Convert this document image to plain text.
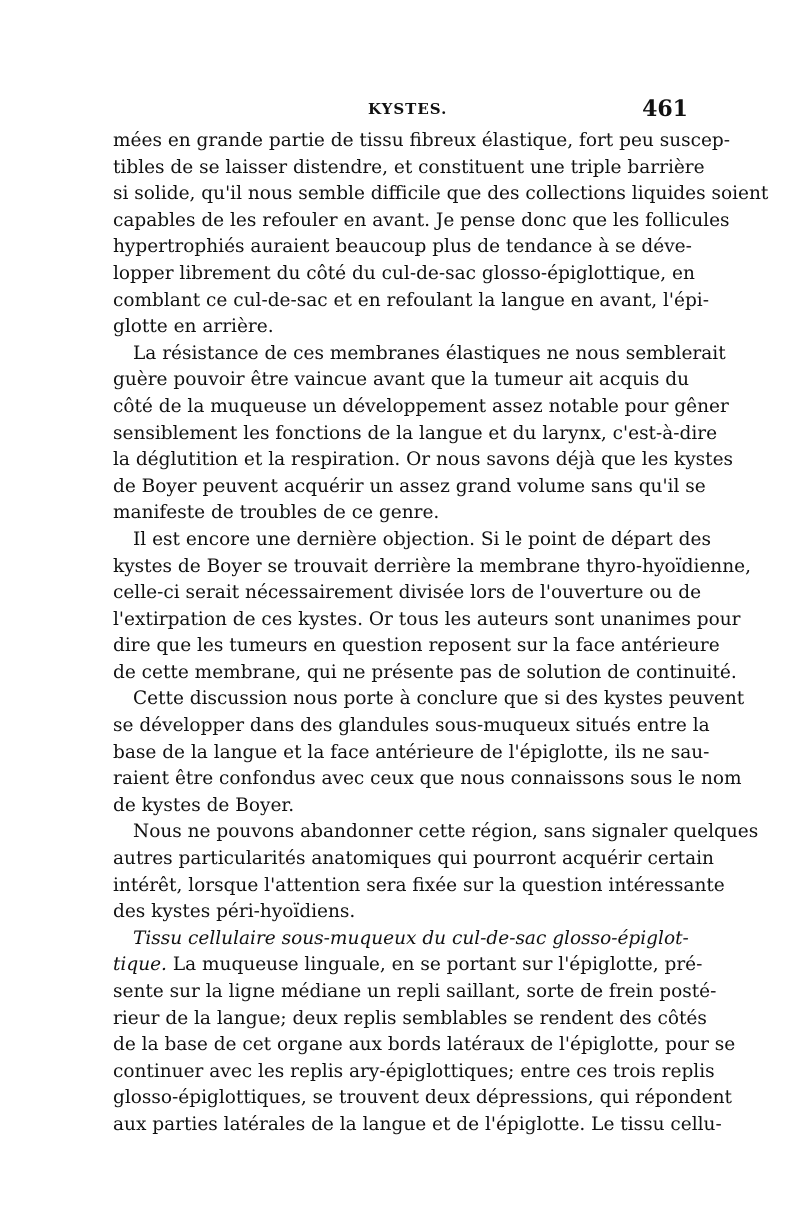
KYSTES.	461
mées en grande partie de tissu fibreux élastique, fort peu suscep-
tibles de se laisser distendre, et constituent une triple barrière
si solide, qu'il nous semble difficile que des collections liquides soient
capables de les refouler en avant. Je pense donc que les follicules
hypertrophiés auraient beaucoup plus de tendance à se déve-
lopper librement du côté du cul-de-sac glosso-épiglottique, en
comblant ce cul-de-sac et en refoulant la langue en avant, l'épi-
glotte en arrière.
La résistance de ces membranes élastiques ne nous semblerait
guère pouvoir être vaincue avant que la tumeur ait acquis du
côté de la muqueuse un développement assez notable pour gêner
sensiblement les fonctions de la langue et du larynx, c'est-à-dire
la déglutition et la respiration. Or nous savons déjà que les kystes
de Boyer peuvent acquérir un assez grand volume sans qu'il se
manifeste de troubles de ce genre.
Il est encore une dernière objection. Si le point de départ des
kystes de Boyer se trouvait derrière la membrane thyro-hyoïdienne,
celle-ci serait nécessairement divisée lors de l'ouverture ou de
l'extirpation de ces kystes. Or tous les auteurs sont unanimes pour
dire que les tumeurs en question reposent sur la face antérieure
de cette membrane, qui ne présente pas de solution de continuité.
Cette discussion nous porte à conclure que si des kystes peuvent
se développer dans des glandules sous-muqueux situés entre la
base de la langue et la face antérieure de l'épiglotte, ils ne sau-
raient être confondus avec ceux que nous connaissons sous le nom
de kystes de Boyer.
Nous ne pouvons abandonner cette région, sans signaler quelques
autres particularités anatomiques qui pourront acquérir certain
intérêt, lorsque l'attention sera fixée sur la question intéressante
des kystes péri-hyoïdiens.
Tissu cellulaire sous-muqueux du cul-de-sac glosso-épiglot-
tique. La muqueuse linguale, en se portant sur l'épiglotte, pré-
sente sur la ligne médiane un repli saillant, sorte de frein posté-
rieur de la langue; deux replis semblables se rendent des côtés
de la base de cet organe aux bords latéraux de l'épiglotte, pour se
continuer avec les replis ary-épiglottiques; entre ces trois replis
glosso-épiglottiques, se trouvent deux dépressions, qui répondent
aux parties latérales de la langue et de l'épiglotte. Le tissu cellu-
